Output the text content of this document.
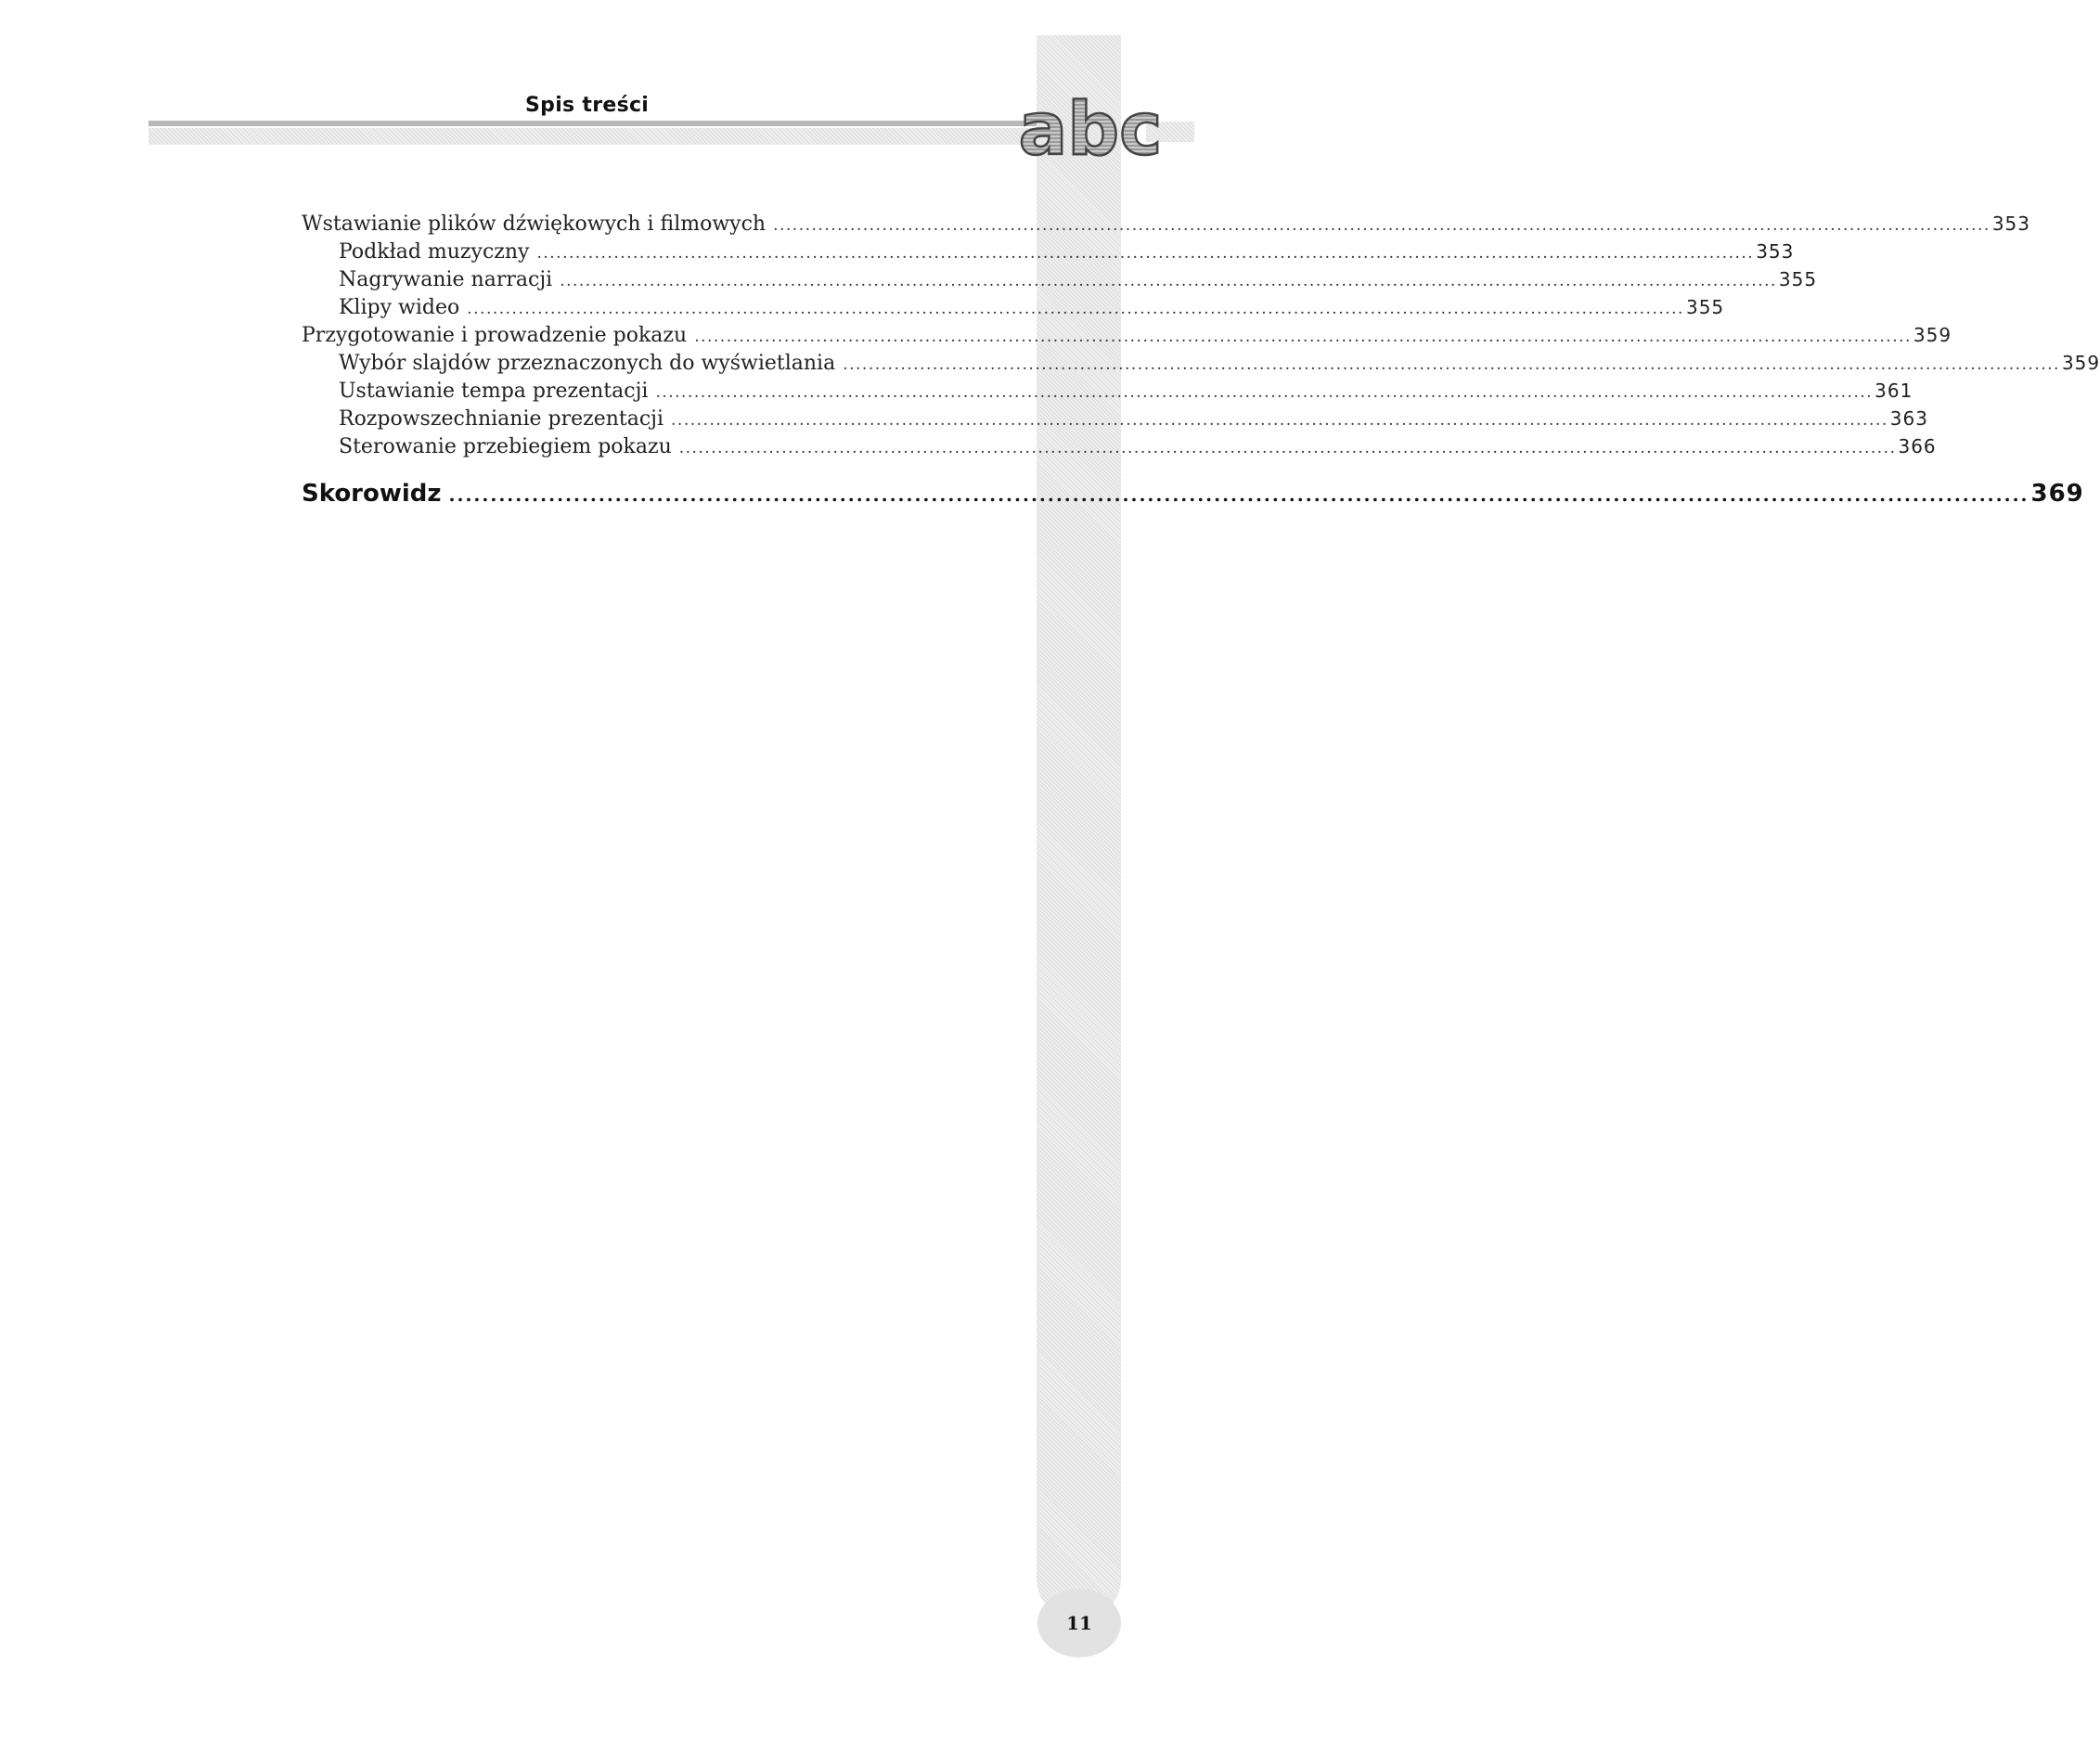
Spis treści	abc
Wstawianie plików dźwiękowych i filmowych .....	353
Podkład muzyczny .....	353
Nagrywanie narracji .....	355
Klipy wideo .....	355
Przygotowanie i prowadzenie pokazu .....	359
Wybór slajdów przeznaczonych do wyświetlania .....	359
Ustawianie tempa prezentacji .....	361
Rozpowszechnianie prezentacji .....	363
Sterowanie przebiegiem pokazu .....	366
Skorowidz .....	369
11
